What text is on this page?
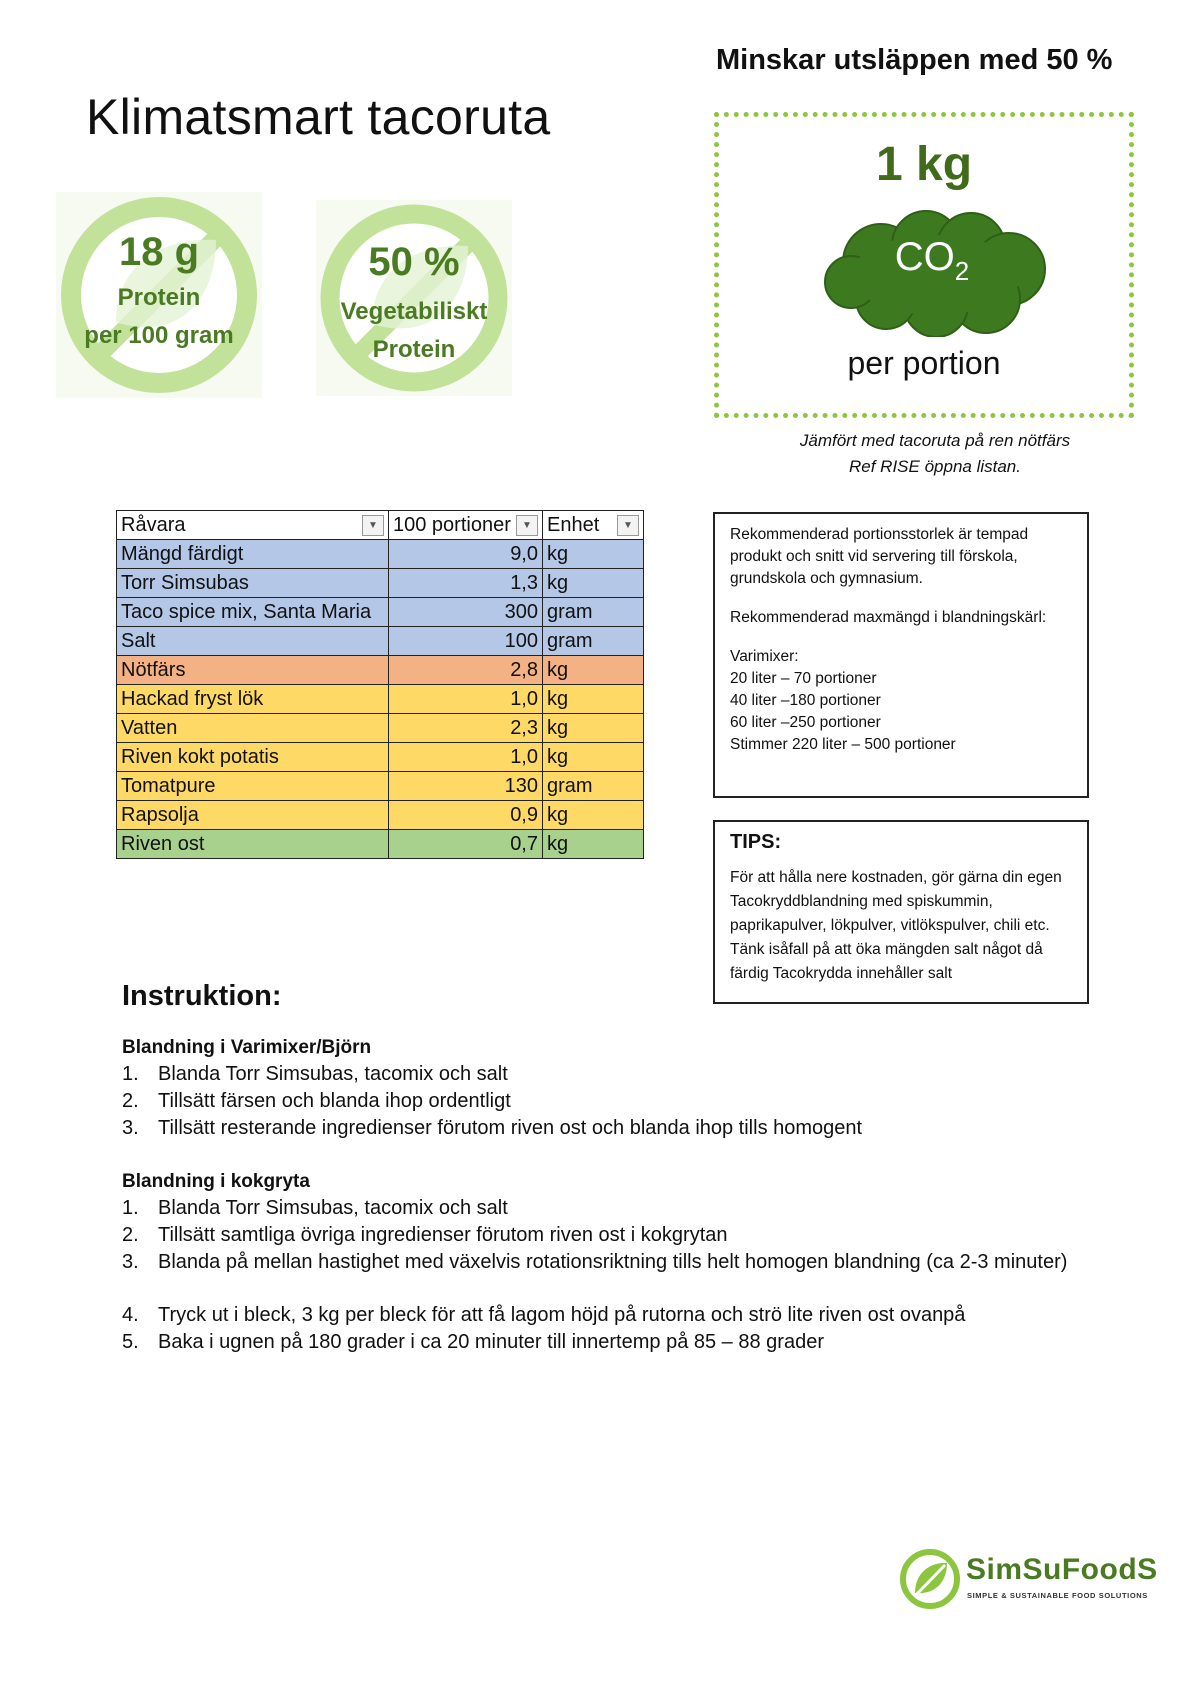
Klimatsmart tacoruta
Minskar utsläppen med 50 %
18 g
Protein
per 100 gram
50 %
Vegetabiliskt
Protein
1 kg
$CO_2$
per portion
Jämfört med tacoruta på ren nötfärs
Ref RISE öppna listan.
Råvara ▼	100 portioner ▼	Enhet ▼

Mängd färdigt	9,0	kg
Torr Simsubas	1,3	kg
Taco spice mix, Santa Maria	300	gram
Salt	100	gram
Nötfärs	2,8	kg
Hackad fryst lök	1,0	kg
Vatten	2,3	kg
Riven kokt potatis	1,0	kg
Tomatpure	130	gram
Rapsolja	0,9	kg
Riven ost	0,7	kg

Rekommenderad portionsstorlek är tempad produkt och snitt vid servering till förskola, grundskola och gymnasium.

Rekommenderad maxmängd i blandningskärl:

Varimixer:
20 liter – 70 portioner
40 liter –180 portioner
60 liter –250 portioner
Stimmer 220 liter – 500 portioner
TIPS:
För att hålla nere kostnaden, gör gärna din egen Tacokryddblandning med spiskummin, paprikapulver, lökpulver, vitlökspulver, chili etc. Tänk isåfall på att öka mängden salt något då färdig Tacokrydda innehåller salt
Instruktion:
Blandning i Varimixer/Björn
1. Blanda Torr Simsubas, tacomix och salt
2. Tillsätt färsen och blanda ihop ordentligt
3. Tillsätt resterande ingredienser förutom riven ost och blanda ihop tills homogent
Blandning i kokgryta
1. Blanda Torr Simsubas, tacomix och salt
2. Tillsätt samtliga övriga ingredienser förutom riven ost i kokgrytan
3. Blanda på mellan hastighet med växelvis rotationsriktning tills helt homogen blandning (ca 2-3 minuter)
4. Tryck ut i bleck, 3 kg per bleck för att få lagom höjd på rutorna och strö lite riven ost ovanpå
5. Baka i ugnen på 180 grader i ca 20 minuter till innertemp på 85 – 88 grader
SimSuFoodS
SIMPLE & SUSTAINABLE FOOD SOLUTIONS
